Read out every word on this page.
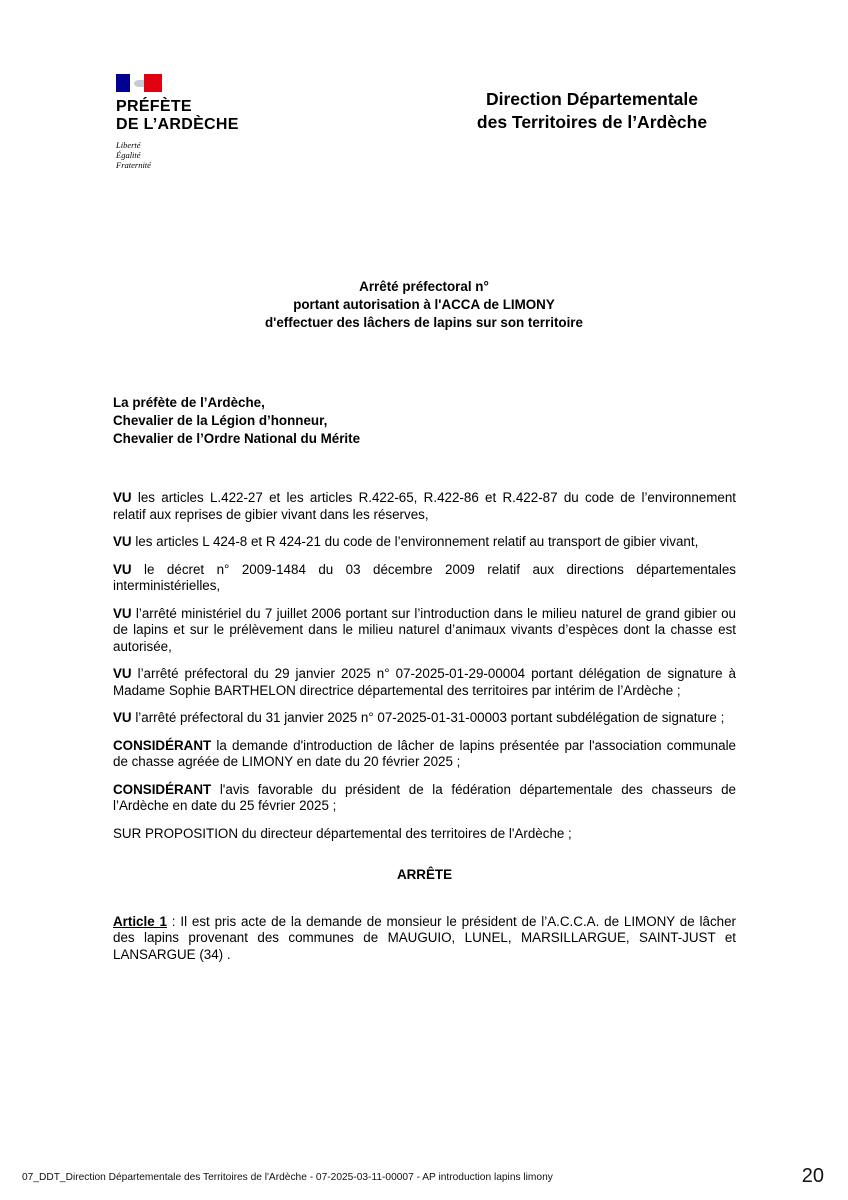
PRÉFÈTE
DE L’ARDÈCHE
Liberté
Égalité
Fraternité
Direction Départementale
des Territoires de l’Ardèche
Arrêté préfectoral n°
portant autorisation à l'ACCA de LIMONY
d'effectuer des lâchers de lapins sur son territoire
La préfète de l’Ardèche,
Chevalier de la Légion d’honneur,
Chevalier de l’Ordre National du Mérite

VU les articles L.422-27 et les articles R.422-65, R.422-86 et R.422-87 du code de l’environnement relatif aux reprises de gibier vivant dans les réserves,

VU les articles L 424-8 et R 424-21 du code de l’environnement relatif au transport de gibier vivant,

VU le décret n° 2009-1484 du 03 décembre 2009 relatif aux directions départementales interministérielles,

VU l’arrêté ministériel du 7 juillet 2006 portant sur l’introduction dans le milieu naturel de grand gibier ou de lapins et sur le prélèvement dans le milieu naturel d’animaux vivants d’espèces dont la chasse est autorisée,

VU l’arrêté préfectoral du 29 janvier 2025 n° 07-2025-01-29-00004 portant délégation de signature à Madame Sophie BARTHELON directrice départemental des territoires par intérim de l’Ardèche ;

VU l’arrêté préfectoral du 31 janvier 2025 n° 07-2025-01-31-00003 portant subdélégation de signature ;

CONSIDÉRANT la demande d'introduction de lâcher de lapins présentée par l'association communale de chasse agréée de LIMONY en date du 20 février 2025 ;

CONSIDÉRANT l'avis favorable du président de la fédération départementale des chasseurs de l’Ardèche en date du 25 février 2025 ;

SUR PROPOSITION du directeur départemental des territoires de l'Ardèche ;

ARRÊTE

Article 1 : Il est pris acte de la demande de monsieur le président de l’A.C.C.A. de LIMONY de lâcher des lapins provenant des communes de MAUGUIO, LUNEL, MARSILLARGUE, SAINT-JUST et LANSARGUE (34) .

07_DDT_Direction Départementale des Territoires de l'Ardèche - 07-2025-03-11-00007 - AP introduction lapins limony	20
